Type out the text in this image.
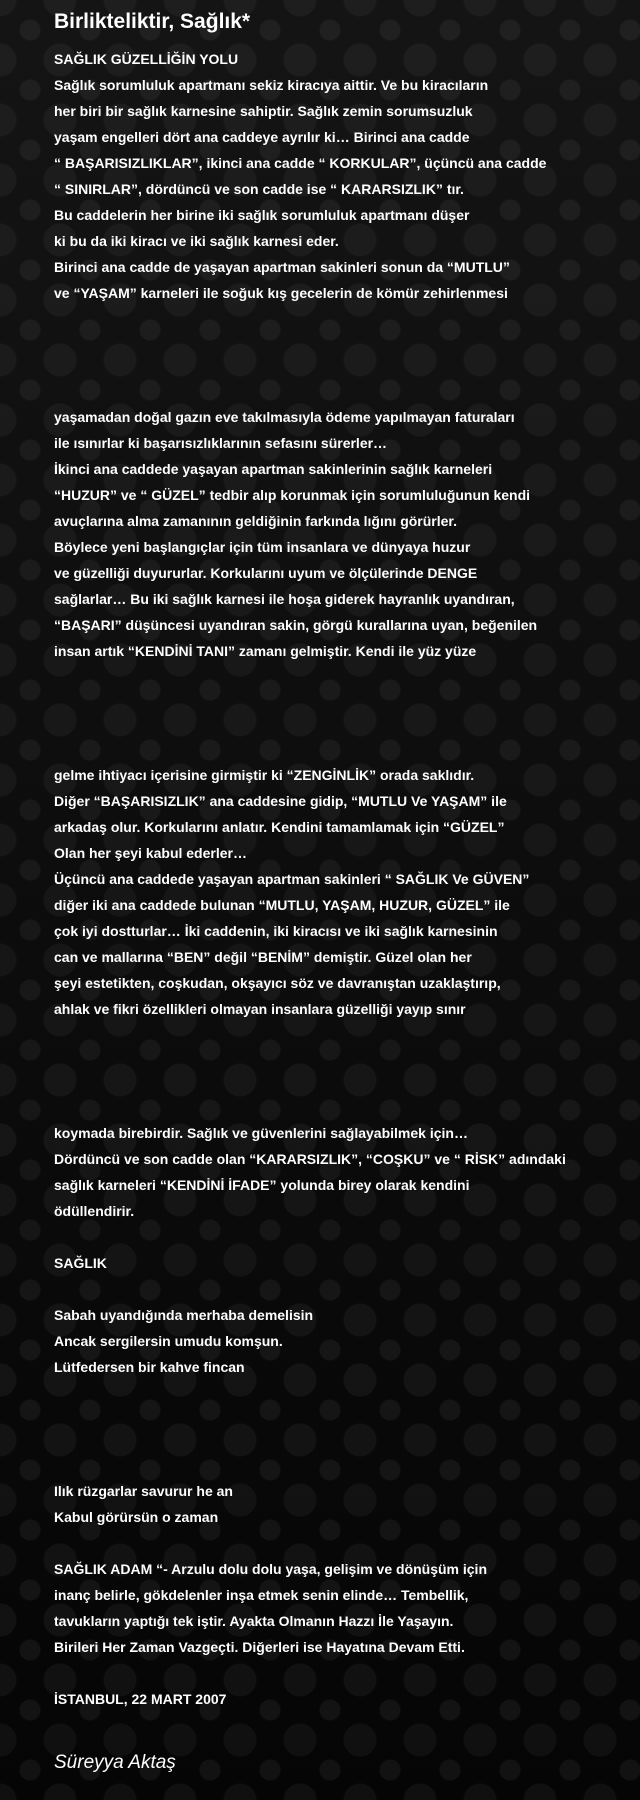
Birlikteliktir, Sağlık*
SAĞLIK GÜZELLİĞİN YOLU
Sağlık sorumluluk apartmanı sekiz kiracıya aittir. Ve bu kiracıların
her biri bir sağlık karnesine sahiptir. Sağlık zemin sorumsuzluk
yaşam engelleri dört ana caddeye ayrılır ki… Birinci ana cadde
“ BAŞARISIZLIKLAR”, ikinci ana cadde “ KORKULAR”, üçüncü ana cadde
“ SINIRLAR”, dördüncü ve son cadde ise “ KARARSIZLIK” tır.
Bu caddelerin her birine iki sağlık sorumluluk apartmanı düşer
ki bu da iki kiracı ve iki sağlık karnesi eder.
Birinci ana cadde de yaşayan apartman sakinleri sonun da “MUTLU”
ve “YAŞAM” karneleri ile soğuk kış gecelerin de kömür zehirlenmesi
yaşamadan doğal gazın eve takılmasıyla ödeme yapılmayan faturaları
ile ısınırlar ki başarısızlıklarının sefasını sürerler…
İkinci ana caddede yaşayan apartman sakinlerinin sağlık karneleri
“HUZUR” ve “ GÜZEL” tedbir alıp korunmak için sorumluluğunun kendi
avuçlarına alma zamanının geldiğinin farkında lığını görürler.
Böylece yeni başlangıçlar için tüm insanlara ve dünyaya huzur
ve güzelliği duyururlar. Korkularını uyum ve ölçülerinde DENGE
sağlarlar… Bu iki sağlık karnesi ile hoşa giderek hayranlık uyandıran,
“BAŞARI” düşüncesi uyandıran sakin, görgü kurallarına uyan, beğenilen
insan artık “KENDİNİ TANI” zamanı gelmiştir. Kendi ile yüz yüze
gelme ihtiyacı içerisine girmiştir ki “ZENGİNLİK” orada saklıdır.
Diğer “BAŞARISIZLIK” ana caddesine gidip, “MUTLU Ve YAŞAM” ile
arkadaş olur. Korkularını anlatır. Kendini tamamlamak için “GÜZEL”
Olan her şeyi kabul ederler…
Üçüncü ana caddede yaşayan apartman sakinleri “ SAĞLIK Ve GÜVEN”
diğer iki ana caddede bulunan “MUTLU, YAŞAM, HUZUR, GÜZEL” ile
çok iyi dostturlar… İki caddenin, iki kiracısı ve iki sağlık karnesinin
can ve mallarına “BEN” değil “BENİM” demiştir. Güzel olan her
şeyi estetikten, coşkudan, okşayıcı söz ve davranıştan uzaklaştırıp,
ahlak ve fikri özellikleri olmayan insanlara güzelliği yayıp sınır
koymada birebirdir. Sağlık ve güvenlerini sağlayabilmek için…
Dördüncü ve son cadde olan “KARARSIZLIK”, “COŞKU” ve “ RİSK” adındaki
sağlık karneleri “KENDİNİ İFADE” yolunda birey olarak kendini
ödüllendirir.
SAĞLIK
Sabah uyandığında merhaba demelisin
Ancak sergilersin umudu komşun.
Lütfedersen bir kahve fincan
Ilık rüzgarlar savurur he an
Kabul görürsün o zaman
SAĞLIK ADAM “- Arzulu dolu dolu yaşa, gelişim ve dönüşüm için
inanç belirle, gökdelenler inşa etmek senin elinde… Tembellik,
tavukların yaptığı tek iştir. Ayakta Olmanın Hazzı İle Yaşayın.
Birileri Her Zaman Vazgeçti. Diğerleri ise Hayatına Devam Etti.
İSTANBUL, 22 MART 2007

Süreyya Aktaş
